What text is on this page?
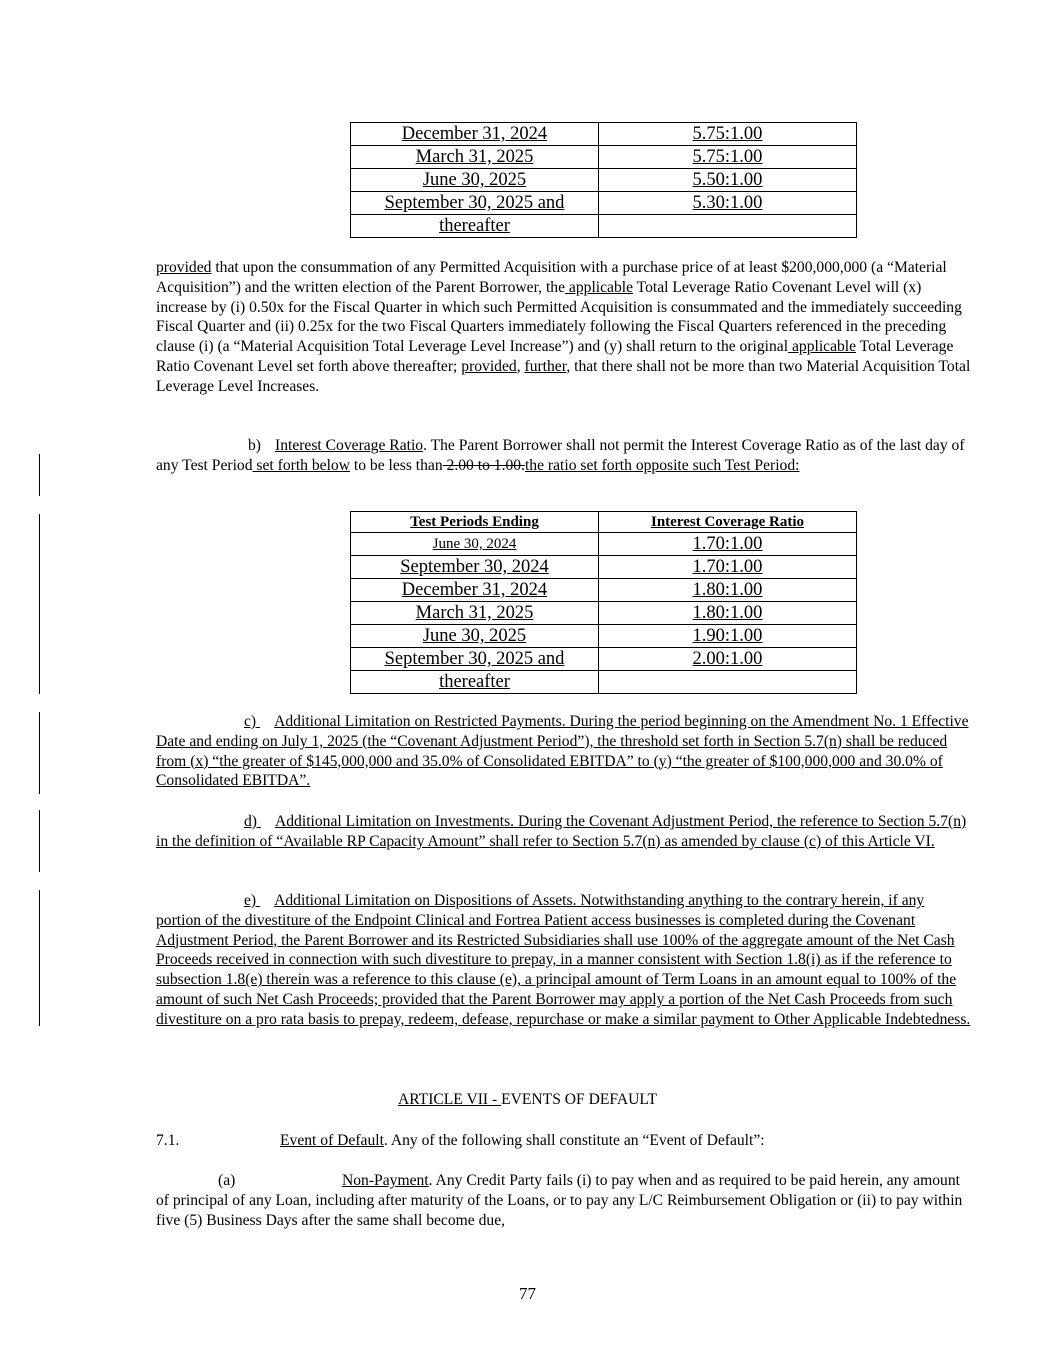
December 31, 2024	5.75:1.00
March 31, 2025	5.75:1.00
June 30, 2025	5.50:1.00
September 30, 2025 and	5.30:1.00
thereafter	

provided that upon the consummation of any Permitted Acquisition with a purchase price of at least $200,000,000 (a “Material Acquisition”) and the written election of the Parent Borrower, the applicable Total Leverage Ratio Covenant Level will (x) increase by (i) 0.50x for the Fiscal Quarter in which such Permitted Acquisition is consummated and the immediately succeeding Fiscal Quarter and (ii) 0.25x for the two Fiscal Quarters immediately following the Fiscal Quarters referenced in the preceding clause (i) (a “Material Acquisition Total Leverage Level Increase”) and (y) shall return to the original applicable Total Leverage Ratio Covenant Level set forth above thereafter; provided, further, that there shall not be more than two Material Acquisition Total Leverage Level Increases.

b) Interest Coverage Ratio. The Parent Borrower shall not permit the Interest Coverage Ratio as of the last day of any Test Period set forth below to be less than 2.00 to 1.00.the ratio set forth opposite such Test Period:

Test Periods Ending	Interest Coverage Ratio
June 30, 2024	1.70:1.00
September 30, 2024	1.70:1.00
December 31, 2024	1.80:1.00
March 31, 2025	1.80:1.00
June 30, 2025	1.90:1.00
September 30, 2025 and	2.00:1.00
thereafter	

c) Additional Limitation on Restricted Payments. During the period beginning on the Amendment No. 1 Effective Date and ending on July 1, 2025 (the “Covenant Adjustment Period”), the threshold set forth in Section 5.7(n) shall be reduced from (x) “the greater of $145,000,000 and 35.0% of Consolidated EBITDA” to (y) “the greater of $100,000,000 and 30.0% of Consolidated EBITDA”.

d) Additional Limitation on Investments. During the Covenant Adjustment Period, the reference to Section 5.7(n) in the definition of “Available RP Capacity Amount” shall refer to Section 5.7(n) as amended by clause (c) of this Article VI.

e) Additional Limitation on Dispositions of Assets. Notwithstanding anything to the contrary herein, if any portion of the divestiture of the Endpoint Clinical and Fortrea Patient access businesses is completed during the Covenant Adjustment Period, the Parent Borrower and its Restricted Subsidiaries shall use 100% of the aggregate amount of the Net Cash Proceeds received in connection with such divestiture to prepay, in a manner consistent with Section 1.8(i) as if the reference to subsection 1.8(e) therein was a reference to this clause (e), a principal amount of Term Loans in an amount equal to 100% of the amount of such Net Cash Proceeds; provided that the Parent Borrower may apply a portion of the Net Cash Proceeds from such divestiture on a pro rata basis to prepay, redeem, defease, repurchase or make a similar payment to Other Applicable Indebtedness.

ARTICLE VII - EVENTS OF DEFAULT

7.1.	Event of Default. Any of the following shall constitute an “Event of Default”:

(a)	Non-Payment. Any Credit Party fails (i) to pay when and as required to be paid herein, any amount of principal of any Loan, including after maturity of the Loans, or to pay any L/C Reimbursement Obligation or (ii) to pay within five (5) Business Days after the same shall become due,

77
